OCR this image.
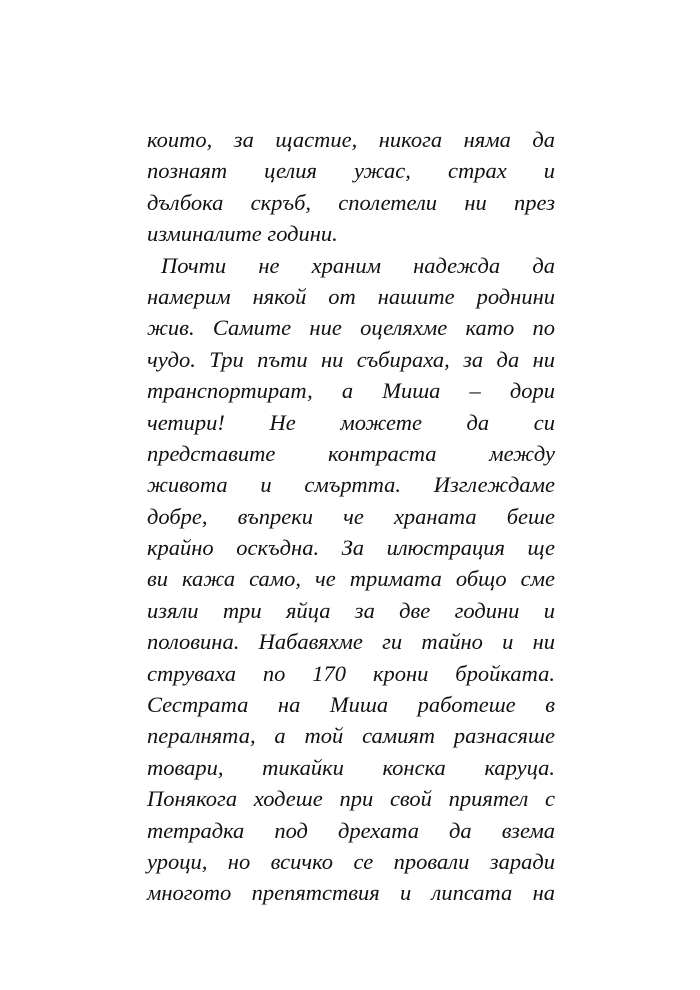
които, за щастие, никога няма да
познаят целия ужас, страх и
дълбока скръб, сполетели ни през
изминалите години.
Почти не храним надежда да
намерим някой от нашите роднини
жив. Самите ние оцеляхме като по
чудо. Три пъти ни събираха, за да ни
транспортират, а Миша – дори
четири! Не можете да си
представите контраста между
живота и смъртта. Изглеждаме
добре, въпреки че храната беше
крайно оскъдна. За илюстрация ще
ви кажа само, че тримата общо сме
изяли три яйца за две години и
половина. Набавяхме ги тайно и ни
струваха по 170 крони бройката.
Сестрата на Миша работеше в
пералнята, а той самият разнасяше
товари, тикайки конска каруца.
Понякога ходеше при свой приятел с
тетрадка под дрехата да взема
уроци, но всичко се провали заради
многото препятствия и липсата на
